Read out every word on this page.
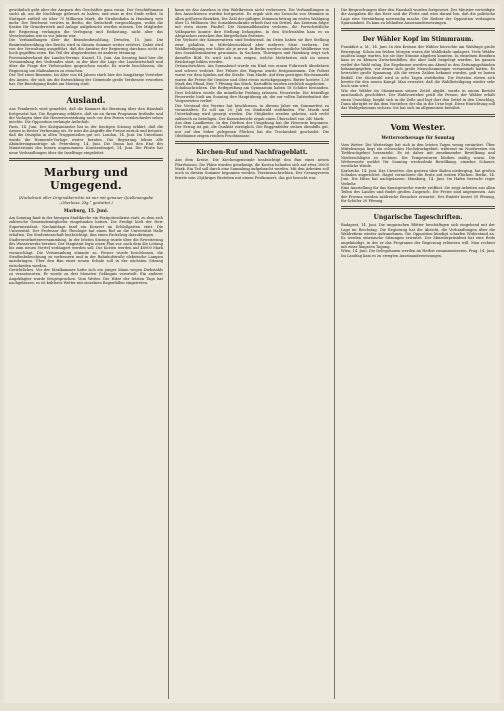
gewöhnlich geht aber der Ansporn des Geschäftes ganz voran. Der Geschäftsmann sucht ab, um die Nachfrage gefreuet zu halten, und zwar in der Stadt selbst. In Stuttgart entließ sie über 75 Millionen Mark, die Straßenbahn in Hamburg weit mehr. Der Reichsrat verwies in Berlin, die Zeitschrift vorgeschlagen, wobei die Kosten für Grunderwerb und Anlage aufgebracht werden müssen. Die Mitglieder der Regierung verlangen die Verlegung und Entlastung, nicht aber das Verschwinden wie es vor Jahren war.
Die Verhandlungen über die Beamtenbesoldung, Dresden, 15. Juni. Die Beamtenbesoldung des Reichs wird in diesem Sommer weiter erörtert. Dabei wird von der Verwaltung ausgeführt, daß die Ansätze der Regierung durchaus nicht zu hoch gegriffen seien. Ein Teil der Abgeordneten ist anderer Meinung.
Provinzialverband der Landes-Vereins. Kassel, 15. Juni. Am Sonntag fand hier die Versammlung des Verbandes statt, in der über die Lage der Landwirtschaft und über die Frage der Viehseuchen gesprochen wurde. Es wurde beschlossen, die Regierung um Maßnahmen zu ersuchen.
Der Tod eines Beamten. Im Alter von 64 Jahren starb hier der langjährige Vorsteher des Amtes, der sich um die Entwicklung der Gemeinde große Verdienste erworben hat. Die Beerdigung findet am Montag statt.
Ausland.
Aus Frankreich wird gemeldet, daß die Kammer die Beratung über den Haushalt fortgesetzt hat. Die Regierung erklärte, daß sie an ihrem Programm festhalte und die Vorlagen über die Heeresverstärkung noch vor den Ferien verabschiedet sehen möchte. Die Opposition verlangte Aufschub.
Paris, 14. Juni. Der Kriegsminister hat in der heutigen Sitzung erklärt, daß die Armee in bester Verfassung sei. Er wies die Angriffe der Presse zurück und betonte, daß die Disziplin in allen Truppenteilen gut sei. London, 14. Juni. Im Unterhaus wurde die Homerule-Vorlage weiter beraten. Die Regierung lehnte alle Abänderungsanträge ab. Petersburg, 14. Juni. Die Duma hat den Etat des Ministeriums des Innern angenommen. Konstantinopel, 14. Juni. Die Pforte hat neue Verhandlungen über die Inselfrage eingeleitet.
Marburg und Umgegend.
(Nachdruck aller Originalberichte ist nur mit genauer Quellenangabe „Oberhess. Ztg.“ gestattet.)
Marburg, 15. Juni.
Am Sonntag fand in der hiesigen Stadtkirche ein Festgottesdienst statt, zu dem sich zahlreiche Gemeindemitglieder eingefunden hatten. Die Predigt hielt der Herr Superintendent. Nachmittags fand ein Konzert im Schloßgarten statt. Die Universität. Der Professor der Theologie hat einen Ruf an die Universität Halle erhalten. Die Studentenschaft beabsichtigt, ihm einen Fackelzug darzubringen.
Stadtverordnetenversammlung. In der letzten Sitzung wurde über die Erweiterung des Wasserwerks beraten. Der Magistrat legte einen Plan vor, nach dem die Leitung bis zum neuen Viertel verlängert werden soll. Die Kosten werden auf 48000 Mark veranschlagt. Die Versammlung stimmte zu. Ferner wurde beschlossen, die Straßenbeleuchtung zu verbessern und in der Bahnhofstraße elektrische Lampen anzubringen. Über den Bau einer neuen Schule soll in der nächsten Sitzung entschieden werden.
Gerichtliches. Vor der Strafkammer hatte sich ein junger Mann wegen Diebstahls zu verantworten. Er wurde zu drei Monaten Gefängnis verurteilt. Ein anderer Angeklagter wurde freigesprochen. Vom Wetter. Die Hitze der letzten Tage hat nachgelassen; es ist kühleres Wetter mit einzelnen Regenfällen eingetreten.
kann sie das Ansehen in den Wahlkreisen nicht verbessern. Die Verhandlungen in den Ausschüssen wurden fortgesetzt. Es ergab sich ein Zuwachs von Stimmen in allen größeren Bezirken. Die Zahl der gültigen Stimmen betrug im ersten Wahlgang über 12 Millionen. Die Sozialdemokratie erhielt fast ein Drittel, das Zentrum folgte mit etwa einem Fünftel. Die Nationalliberalen verloren, die Fortschrittliche Volkspartei konnte ihre Stellung behaupten. In den Stichwahlen kam es zu Absprachen zwischen den bürgerlichen Parteien.
Die Verluste der Konservativen sind bedeutend. Im Osten haben sie ihre Stellung zwar gehalten, in Mitteldeutschland aber mehrere Sitze verloren. Die Wahlbeteiligung war höher als je zuvor. In Berlin wurden sämtliche Wahlkreise von den Sozialdemokraten gewonnen. In Sachsen, Thüringen und Hamburg zeigt sich dasselbe Bild. Es wird sich nun zeigen, welche Mehrheiten sich im neuen Reichstage bilden werden.
Ortsnachrichten. Am Sonnabend wurde ein Kind von einem Fuhrwerk überfahren und schwer verletzt. Der Führer des Wagens wurde festgenommen. Die Polizei warnt vor dem Spielen auf der Straße. Vom Markt. Auf dem gestrigen Wochenmarkt waren die Preise für Gemüse und Obst etwas zurückgegangen. Butter kostete 1,30 Mark das Pfund, Eier 7 Pfennig das Stück. Kartoffeln wurden reichlich angeboten.
Schulnachrichten. Die Reifeprüfung am Gymnasium haben 18 Schüler bestanden. Drei Schülern wurde die mündliche Prüfung erlassen. Feuerwehr. Die freiwillige Feuerwehr hielt am Sonntag ihre Hauptübung ab, die zur vollen Zufriedenheit der Vorgesetzten verlief.
Der Vorstand des Vereins hat beschlossen, in diesem Jahre ein Sommerfest zu veranstalten. Es soll am 20. Juli im Stadtwald stattfinden. Für Musik und Unterhaltung wird gesorgt werden. Die Mitglieder werden gebeten, sich recht zahlreich zu beteiligen. Der Kassenbericht ergab einen Überschuß von 240 Mark.
Aus dem Landkreise. In den Dörfern der Umgebung hat die Heuernte begonnen. Der Ertrag ist gut, die Qualität vorzüglich. Die Roggenfelder stehen ebenfalls gut, nur auf den höher gelegenen Flächen hat die Trockenheit geschadet. Die Obstbäume zeigen reichen Fruchtansatz.
Kirchen-Ruf und Nachfrageblatt.
Aus dem Kreise. Die Kirchengemeinde beabsichtigt den Bau eines neuen Pfarrhauses. Die Pläne wurden genehmigt, die Kosten belaufen sich auf etwa 30000 Mark. Ein Teil soll durch eine Sammlung aufgebracht werden. Mit den Arbeiten soll noch in diesem Sommer begonnen werden. Vereinsnachrichten. Der Gesangverein feierte sein 25jähriges Bestehen mit einem Festkonzert, das gut besucht war.
Die Besprechungen über den Haushalt wurden fortgesetzt. Der Minister verteidigte die Ausgaben für das Heer und die Flotte und wies darauf hin, daß die politische Lage eine Verstärkung notwendig mache. Die Redner der Opposition verlangten Sparsamkeit. Es kam zu lebhaften Auseinandersetzungen.
Der Wähler Kopf im Stimmraum.
Frankfurt a. M., 14. Juni. In den Kreisen der Wähler herrschte am Wahltage große Bewegung. Schon am frühen Morgen waren die Wahllokale umlagert. Viele Wähler mußten lange warten, bis sie ihre Stimme abgeben konnten. In einzelnen Bezirken kam es zu kleinen Zwischenfällen, die aber bald beigelegt wurden. Im ganzen verlief die Wahl ruhig. Die Ergebnisse wurden am Abend in den Zeitungsgebäuden bekanntgegeben, vor denen sich große Menschenmengen versammelt hatten. Es herrschte große Spannung. Als die ersten Zahlen bekannt wurden, gab es lauten Beifall. Die Stichwahl wird in acht Tagen stattfinden. Die Parteien rüsten sich bereits für den neuen Kampf. Man erwartet, daß die Wahlbeteiligung wieder sehr hoch sein wird.
Wie der Wähler im Stimmraum seinen Zettel abgibt, wurde in einem Bericht anschaulich geschildert. Der Wahlvorsteher prüft die Person, der Wähler erhält einen Umschlag, begibt sich in die Zelle und legt dort den Zettel in den Umschlag. Dann übergibt er ihn dem Vorsteher, der ihn in die Urne legt. Diese Einrichtung soll das Wahlgeheimnis sichern. Sie hat sich im allgemeinen bewährt.
Vom Wester.
Wettervorhersage für Sonntag
Vom Wetter. Die Wetterlage hat sich in den letzten Tagen wenig verändert. Über Mitteleuropa liegt ein schwaches Hochdruckgebiet, während im Nordwesten ein Tiefdruckgebiet heranzieht. Es ist daher mit zunehmender Bewölkung und Niederschlägen zu rechnen. Die Temperaturen bleiben mäßig warm. Die Wetterwarte meldet für Sonntag wechselnde Bewölkung, einzelne Schauer, westliche Winde.
Karlsruhe, 14. Juni. Das Unwetter, das gestern über Baden niederging, hat großen Schaden angerichtet. Hagel vernichtete die Ernte auf weiten Flächen. Berlin, 14. Juni. Die Hitze hat nachgelassen. Hamburg, 14. Juni. Im Hafen herrscht reger Verkehr.
Eine Ausstellung für das Kunstgewerbe wurde eröffnet. Sie zeigt Arbeiten aus allen Teilen des Landes und findet großen Zuspruch. Die Preise sind angemessen. Aus der Provinz werden zahlreiche Besucher erwartet. Der Eintritt kostet 50 Pfennig, für Schüler 20 Pfennig.
Ungarische Tageschriften.
Budapest, 14. Juni. Die ungarischen Blätter beschäftigen sich eingehend mit der Lage im Reichstag. Die Regierung hat die Absicht, die Verhandlungen über die Wahlreform wieder aufzunehmen. Die Opposition kündigt scharfen Widerstand an. Es werden stürmische Sitzungen erwartet. Der Ministerpräsident hat eine Rede angekündigt, in der er das Programm der Regierung erläutern will. Man rechnet mit einer längeren Tagung.
Wien, 14. Juni. Die Delegationen werden im Herbst zusammentreten. Prag, 14. Juni. Im Landtag kam es zu erregten Auseinandersetzungen.
